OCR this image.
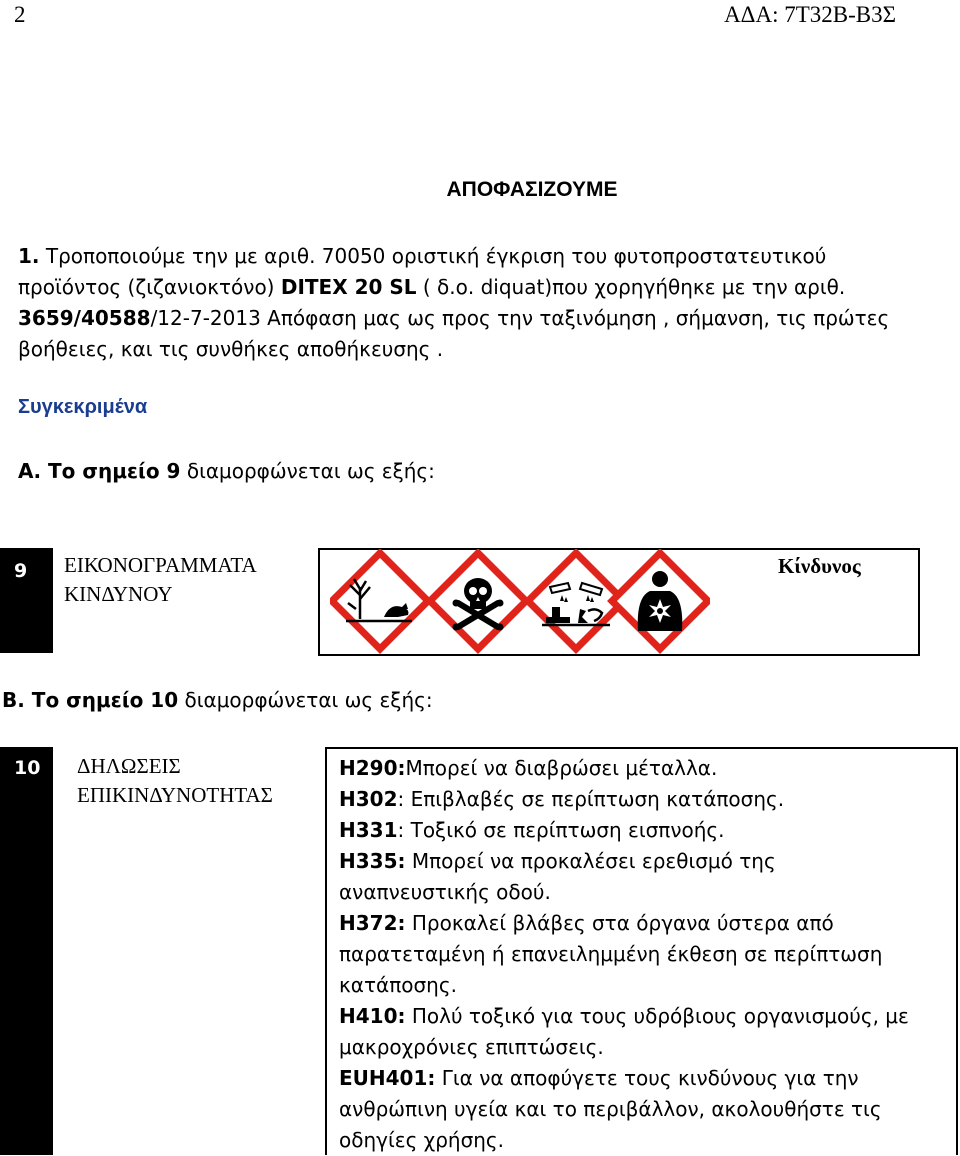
2	ΑΔΑ: 7Τ32Β-Β3Σ
ΑΠΟΦΑΣΙΖΟΥΜΕ

1. Τροποποιούμε την με αριθ. 70050 οριστική έγκριση του φυτοπροστατευτικού

προϊόντος (ζιζανιοκτόνο) DITEX 20 SL ( δ.ο. diquat)που χορηγήθηκε με την αριθ.

3659/40588/12-7-2013 Απόφαση μας ως προς την ταξινόμηση , σήμανση, τις πρώτες

βοήθειες, και τις συνθήκες αποθήκευσης .

Συγκεκριμένα
Α. Το σημείο 9 διαμορφώνεται ως εξής:
9 ΕΙΚΟΝΟΓΡΑΜΜΑΤΑ
ΚΙΝΔΥΝΟΥ
Κίνδυνος
Β. Το σημείο 10 διαμορφώνεται ως εξής:
10 ΔΗΛΩΣΕΙΣ
ΕΠΙΚΙΝΔΥΝΟΤΗΤΑΣ
H290:Μπορεί να διαβρώσει μέταλλα.
H302: Επιβλαβές σε περίπτωση κατάποσης.
H331: Τοξικό σε περίπτωση εισπνοής.
H335: Μπορεί να προκαλέσει ερεθισμό της
αναπνευστικής οδού.
H372: Προκαλεί βλάβες στα όργανα ύστερα από
παρατεταμένη ή επανειλημμένη έκθεση σε περίπτωση
κατάποσης.
H410: Πολύ τοξικό για τους υδρόβιους οργανισμούς, με
μακροχρόνιες επιπτώσεις.
EUH401: Για να αποφύγετε τους κινδύνους για την
ανθρώπινη υγεία και το περιβάλλον, ακολουθήστε τις
οδηγίες χρήσης.
